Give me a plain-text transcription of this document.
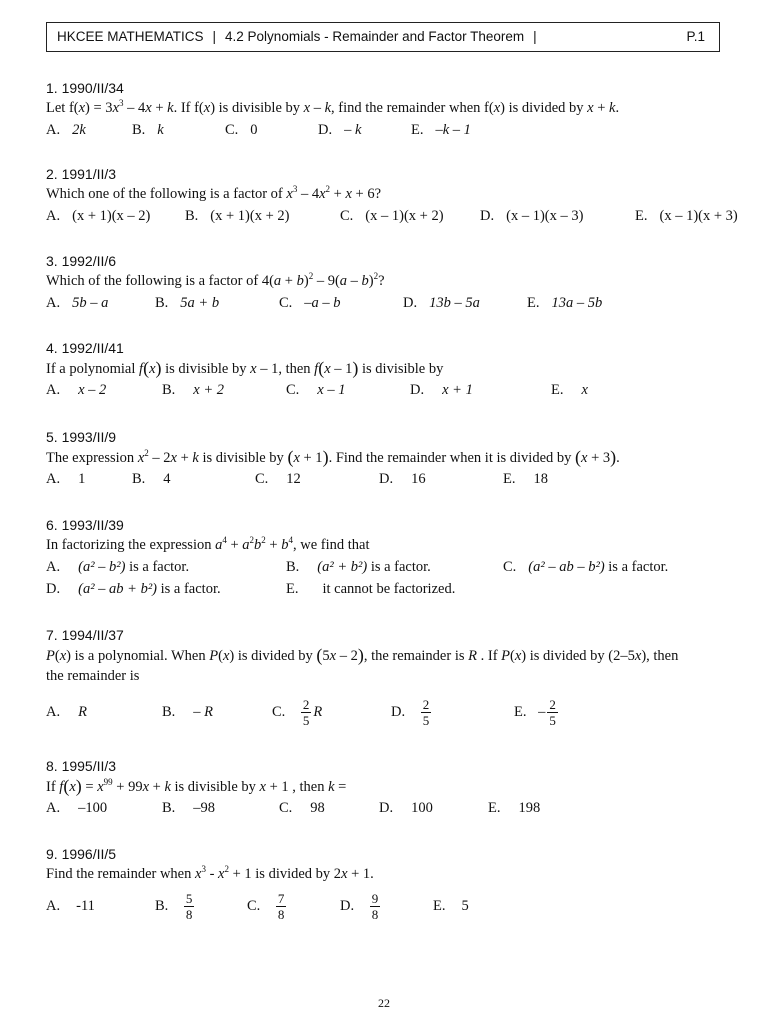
HKCEE MATHEMATICS | 4.2 Polynomials - Remainder and Factor Theorem |	P.1
1. 1990/II/34
Let $f(x) = 3x^3 - 4x + k$. If f(x) is divisible by x – k, find the remainder when f(x) is divided by x + k.
A. 2k	B. k	C. 0	D. – k	E. –k – 1
2. 1991/II/3
Which one of the following is a factor of $x^3 - 4x^2 + x + 6$?
A. (x + 1)(x – 2) B. (x + 1)(x + 2)	C. (x – 1)(x + 2)	D. (x – 1)(x – 3)	E. (x – 1)(x + 3)
3. 1992/II/6
Which of the following is a factor of $4(a + b)^2 - 9(a - b)^2$?
A. 5b – a	B. 5a + b	C. –a – b	D. 13b – 5a	E. 13a – 5b
4. 1992/II/41
If a polynomial f(x) is divisible by x – 1, then f(x – 1) is divisible by
A. x – 2	B. x + 2	C. x – 1	D. x + 1	E. x
5. 1993/II/9
The expression $x^2 - 2x + k$ is divisible by (x + 1). Find the remainder when it is divided by (x + 3).
A. 1	B. 4	C. 12	D. 16	E. 18
6. 1993/II/39
In factorizing the expression $a^4 + a^2b^2 + b^4$, we find that
A. (a² – b²) is a factor.	B. (a² + b²) is a factor.	C. (a² – ab – b²) is a factor.
D. (a² – ab + b²) is a factor.	E. it cannot be factorized.
7. 1994/II/37
P(x) is a polynomial. When P(x) is divided by (5x – 2), the remainder is R . If P(x) is divided by (2–5x), then
the remainder is
A. R	B. – R	C. $\frac{2}{5}$ R	D. $\frac{2}{5}$	E. – $\frac{2}{5}$
8. 1995/II/3
If $f(x) = x^{99} + 99x + k$ is divisible by x + 1 , then k =
A. –100	B. –98	C. 98	D. 100	E. 198
9. 1996/II/5
Find the remainder when $x^3 - x^2 + 1$ is divided by 2x + 1.
A. -11	B. $\frac{5}{8}$	C. $\frac{7}{8}$	D. $\frac{9}{8}$	E. 5
22
